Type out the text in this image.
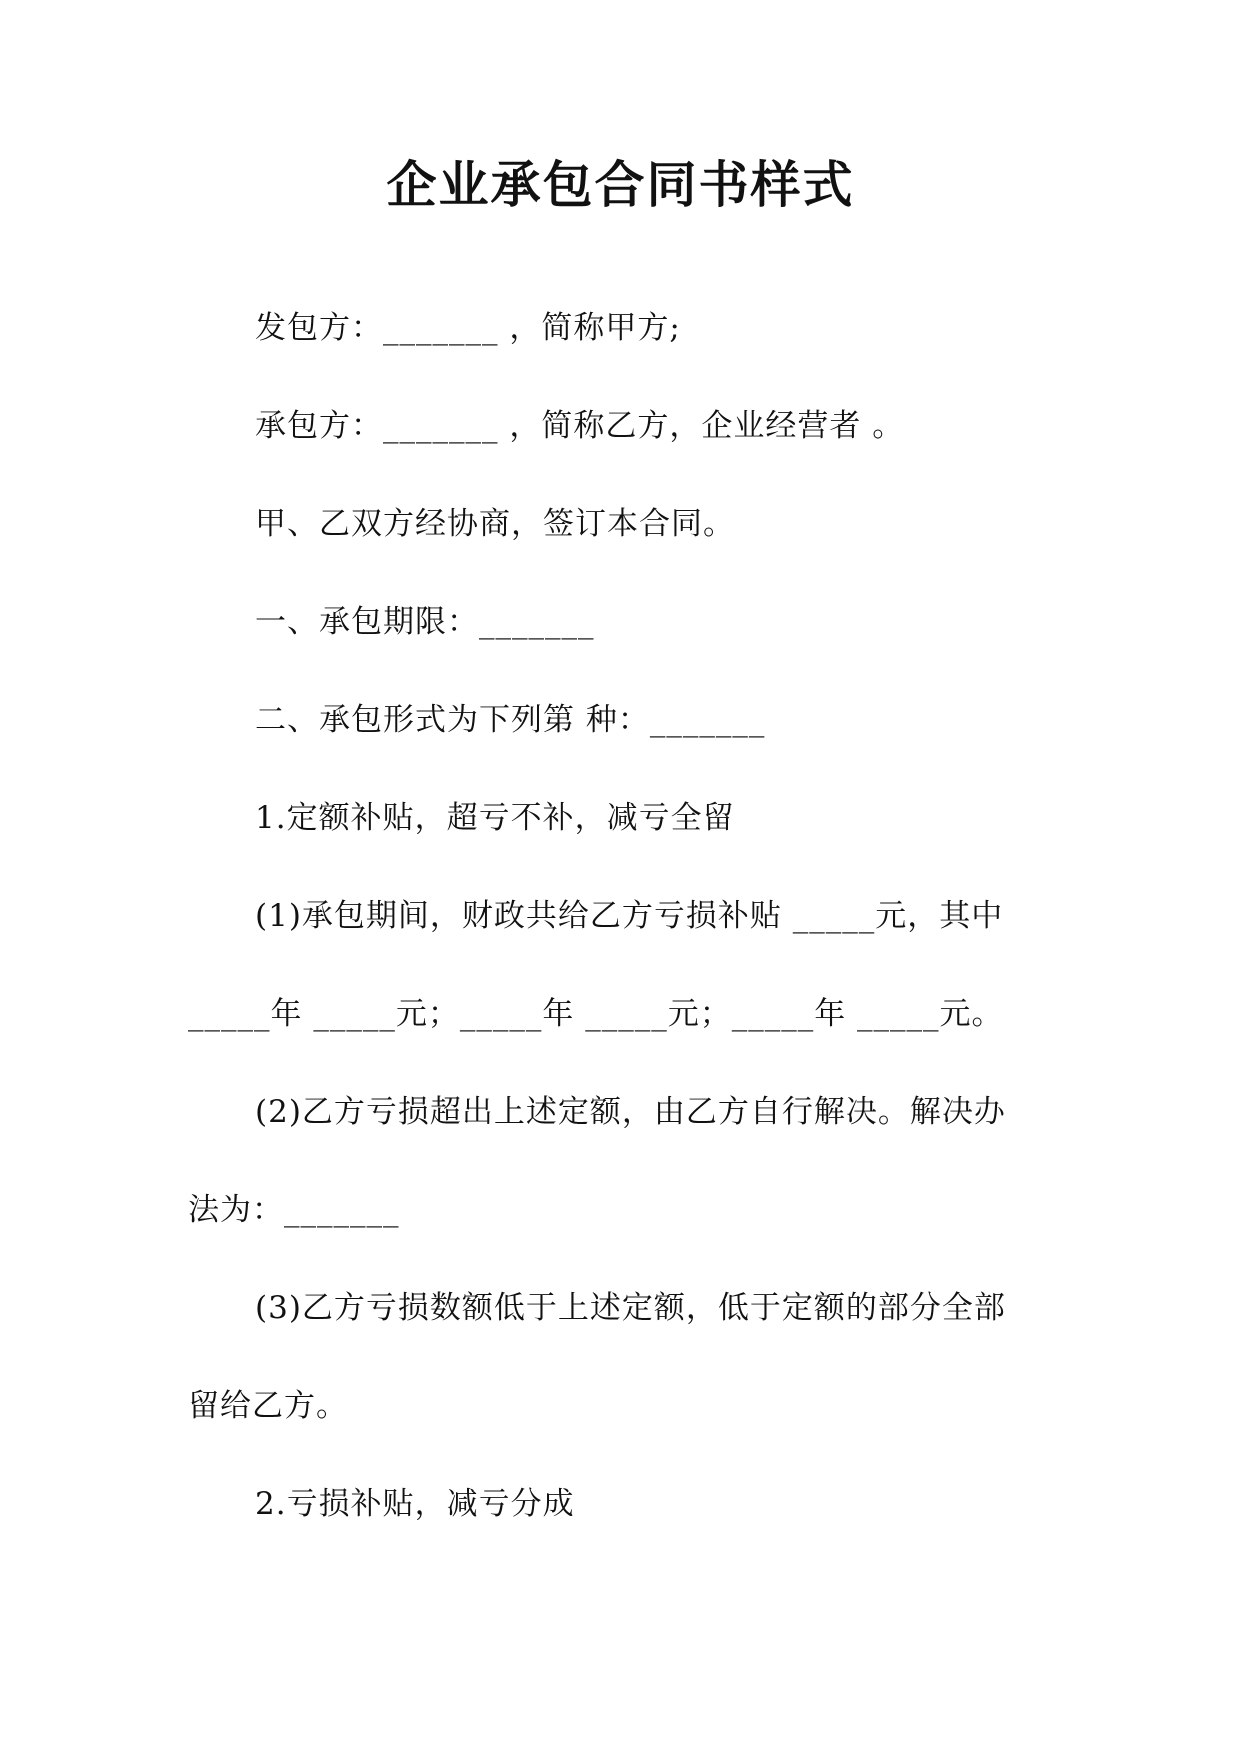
企业承包合同书样式
发包方：_______ ，简称甲方;
承包方：_______ ，简称乙方，企业经营者 。
甲、乙双方经协商，签订本合同。
一、承包期限：_______
二、承包形式为下列第 种：_______
1.定额补贴，超亏不补，减亏全留
(1)承包期间，财政共给乙方亏损补贴 _____元，其中
_____年 _____元；_____年 _____元；_____年 _____元。
(2)乙方亏损超出上述定额，由乙方自行解决。解决办
法为：_______
(3)乙方亏损数额低于上述定额，低于定额的部分全部
留给乙方。
2.亏损补贴，减亏分成
